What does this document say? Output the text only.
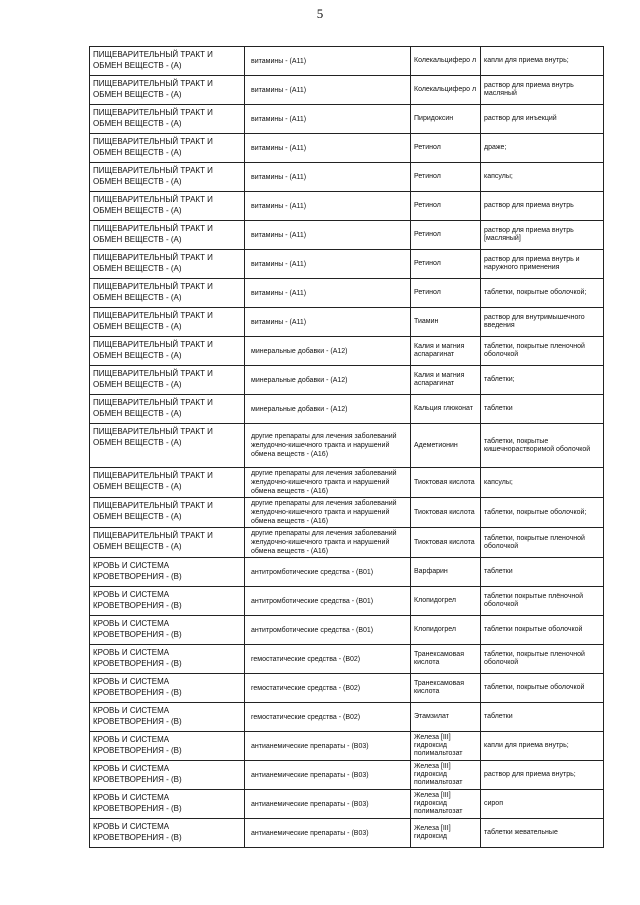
5
ПИЩЕВАРИТЕЛЬНЫЙ ТРАКТ И ОБМЕН ВЕЩЕСТВ - (А)	витамины - (А11)	Колекальциферо л	капли для приема внутрь;
ПИЩЕВАРИТЕЛЬНЫЙ ТРАКТ И ОБМЕН ВЕЩЕСТВ - (А)	витамины - (А11)	Колекальциферо л	раствор для приема внутрь масляный
ПИЩЕВАРИТЕЛЬНЫЙ ТРАКТ И ОБМЕН ВЕЩЕСТВ - (А)	витамины - (А11)	Пиридоксин	раствор для инъекций
ПИЩЕВАРИТЕЛЬНЫЙ ТРАКТ И ОБМЕН ВЕЩЕСТВ - (А)	витамины - (А11)	Ретинол	драже;
ПИЩЕВАРИТЕЛЬНЫЙ ТРАКТ И ОБМЕН ВЕЩЕСТВ - (А)	витамины - (А11)	Ретинол	капсулы;
ПИЩЕВАРИТЕЛЬНЫЙ ТРАКТ И ОБМЕН ВЕЩЕСТВ - (А)	витамины - (А11)	Ретинол	раствор для приема внутрь
ПИЩЕВАРИТЕЛЬНЫЙ ТРАКТ И ОБМЕН ВЕЩЕСТВ - (А)	витамины - (А11)	Ретинол	раствор для приема внутрь [масляный]
ПИЩЕВАРИТЕЛЬНЫЙ ТРАКТ И ОБМЕН ВЕЩЕСТВ - (А)	витамины - (А11)	Ретинол	раствор для приема внутрь и наружного применения
ПИЩЕВАРИТЕЛЬНЫЙ ТРАКТ И ОБМЕН ВЕЩЕСТВ - (А)	витамины - (А11)	Ретинол	таблетки, покрытые оболочкой;
ПИЩЕВАРИТЕЛЬНЫЙ ТРАКТ И ОБМЕН ВЕЩЕСТВ - (А)	витамины - (А11)	Тиамин	раствор для внутримышечного введения
ПИЩЕВАРИТЕЛЬНЫЙ ТРАКТ И ОБМЕН ВЕЩЕСТВ - (А)	минеральные добавки - (А12)	Калия и магния аспарагинат	таблетки, покрытые пленочной оболочкой
ПИЩЕВАРИТЕЛЬНЫЙ ТРАКТ И ОБМЕН ВЕЩЕСТВ - (А)	минеральные добавки - (А12)	Калия и магния аспарагинат	таблетки;
ПИЩЕВАРИТЕЛЬНЫЙ ТРАКТ И ОБМЕН ВЕЩЕСТВ - (А)	минеральные добавки - (А12)	Кальция глюконат	таблетки
ПИЩЕВАРИТЕЛЬНЫЙ ТРАКТ И ОБМЕН ВЕЩЕСТВ - (А)	другие препараты для лечения заболеваний желудочно-кишечного тракта и нарушений обмена веществ - (А16)	Адеметионин	таблетки, покрытые кишечнорастворимой оболочкой
ПИЩЕВАРИТЕЛЬНЫЙ ТРАКТ И ОБМЕН ВЕЩЕСТВ - (А)	другие препараты для лечения заболеваний желудочно-кишечного тракта и нарушений обмена веществ - (А16)	Тиоктовая кислота	капсулы;
ПИЩЕВАРИТЕЛЬНЫЙ ТРАКТ И ОБМЕН ВЕЩЕСТВ - (А)	другие препараты для лечения заболеваний желудочно-кишечного тракта и нарушений обмена веществ - (А16)	Тиоктовая кислота	таблетки, покрытые оболочкой;
ПИЩЕВАРИТЕЛЬНЫЙ ТРАКТ И ОБМЕН ВЕЩЕСТВ - (А)	другие препараты для лечения заболеваний желудочно-кишечного тракта и нарушений обмена веществ - (А16)	Тиоктовая кислота	таблетки, покрытые пленочной оболочкой
КРОВЬ И СИСТЕМА КРОВЕТВОРЕНИЯ - (В)	антитромботические средства - (В01)	Варфарин	таблетки
КРОВЬ И СИСТЕМА КРОВЕТВОРЕНИЯ - (В)	антитромботические средства - (В01)	Клопидогрел	таблетки покрытые плёночной оболочкой
КРОВЬ И СИСТЕМА КРОВЕТВОРЕНИЯ - (В)	антитромботические средства - (В01)	Клопидогрел	таблетки покрытые оболочкой
КРОВЬ И СИСТЕМА КРОВЕТВОРЕНИЯ - (В)	гемостатические средства - (В02)	Транексамовая кислота	таблетки, покрытые пленочной оболочкой
КРОВЬ И СИСТЕМА КРОВЕТВОРЕНИЯ - (В)	гемостатические средства - (В02)	Транексамовая кислота	таблетки, покрытые оболочкой
КРОВЬ И СИСТЕМА КРОВЕТВОРЕНИЯ - (В)	гемостатические средства - (В02)	Этамзилат	таблетки
КРОВЬ И СИСТЕМА КРОВЕТВОРЕНИЯ - (В)	антианемические препараты - (В03)	Железа [III] гидроксид полимальтозат	капли для приема внутрь;
КРОВЬ И СИСТЕМА КРОВЕТВОРЕНИЯ - (В)	антианемические препараты - (В03)	Железа [III] гидроксид полимальтозат	раствор для приема внутрь;
КРОВЬ И СИСТЕМА КРОВЕТВОРЕНИЯ - (В)	антианемические препараты - (В03)	Железа [III] гидроксид полимальтозат	сироп
КРОВЬ И СИСТЕМА КРОВЕТВОРЕНИЯ - (В)	антианемические препараты - (В03)	Железа [III] гидроксид	таблетки жевательные
